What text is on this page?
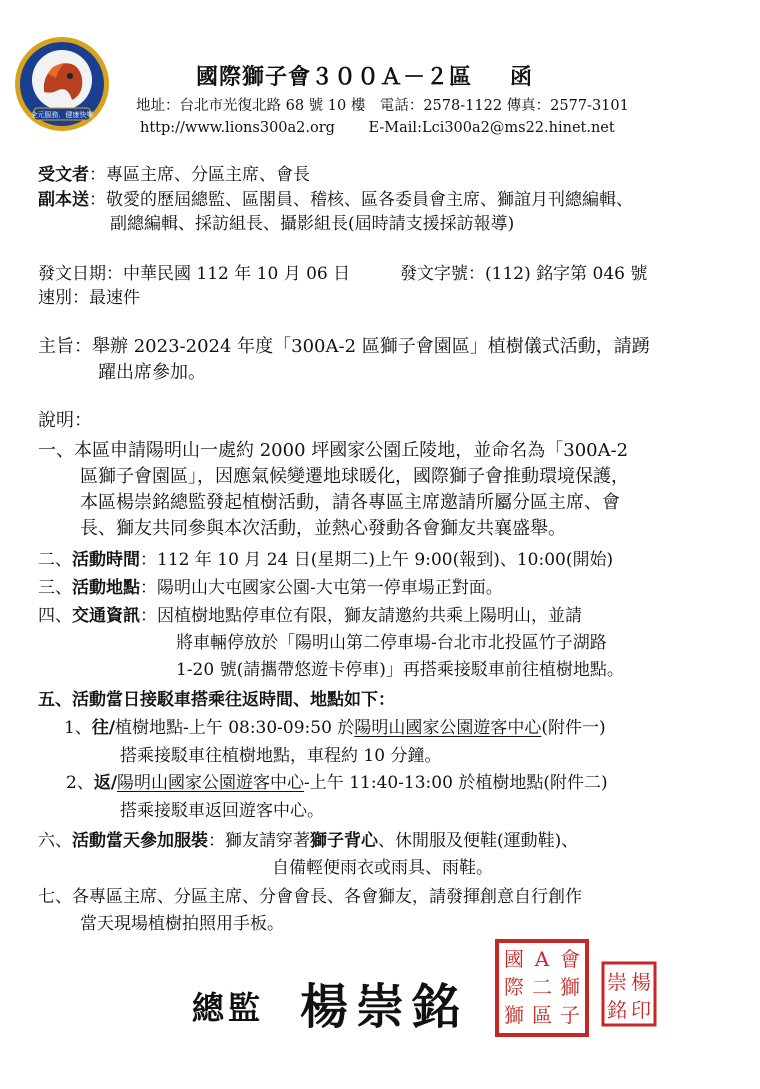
全元服務．健康快樂
國際獅子會３００Ａ－２區 函
地址：台北市光復北路 68 號 10 樓　電話：2578-1122 傳真：2577-3101
http://www.lions300a2.org　　 E-Mail:Lci300a2@ms22.hinet.net
受文者：專區主席、分區主席、會長
副本送：敬愛的歷屆總監、區閣員、稽核、區各委員會主席、獅誼月刊總編輯、
副總編輯、採訪組長、攝影組長(屆時請支援採訪報導)
發文日期：中華民國 112 年 10 月 06 日	發文字號：(112) 銘字第 046 號
速別：最速件
主旨：舉辦 2023-2024 年度「300A-2 區獅子會園區」植樹儀式活動，請踴
躍出席參加。
說明：
一、本區申請陽明山一處約 2000 坪國家公園丘陵地，並命名為「300A-2
區獅子會園區」，因應氣候變遷地球暖化，國際獅子會推動環境保護，
本區楊崇銘總監發起植樹活動，請各專區主席邀請所屬分區主席、會
長、獅友共同參與本次活動，並熱心發動各會獅友共襄盛舉。
二、活動時間：112 年 10 月 24 日(星期二)上午 9:00(報到)、10:00(開始)
三、活動地點：陽明山大屯國家公園-大屯第一停車場正對面。
四、交通資訊：因植樹地點停車位有限，獅友請邀約共乘上陽明山，並請
將車輛停放於「陽明山第二停車場-台北市北投區竹子湖路
1-20 號(請攜帶悠遊卡停車)」再搭乘接駁車前往植樹地點。
五、活動當日接駁車搭乘往返時間、地點如下：
1、往/植樹地點-上午 08:30-09:50 於陽明山國家公園遊客中心(附件一)
搭乘接駁車往植樹地點，車程約 10 分鐘。
2、返/陽明山國家公園遊客中心-上午 11:40-13:00 於植樹地點(附件二)
搭乘接駁車返回遊客中心。
六、活動當天參加服裝：獅友請穿著獅子背心、休閒服及便鞋(運動鞋)、
自備輕便雨衣或雨具、雨鞋。
七、各專區主席、分區主席、分會會長、各會獅友，請發揮創意自行創作
當天現場植樹拍照用手板。
總監 楊崇銘
國 A 會
際 二 獅
獅 區 子
崇 楊
銘 印
